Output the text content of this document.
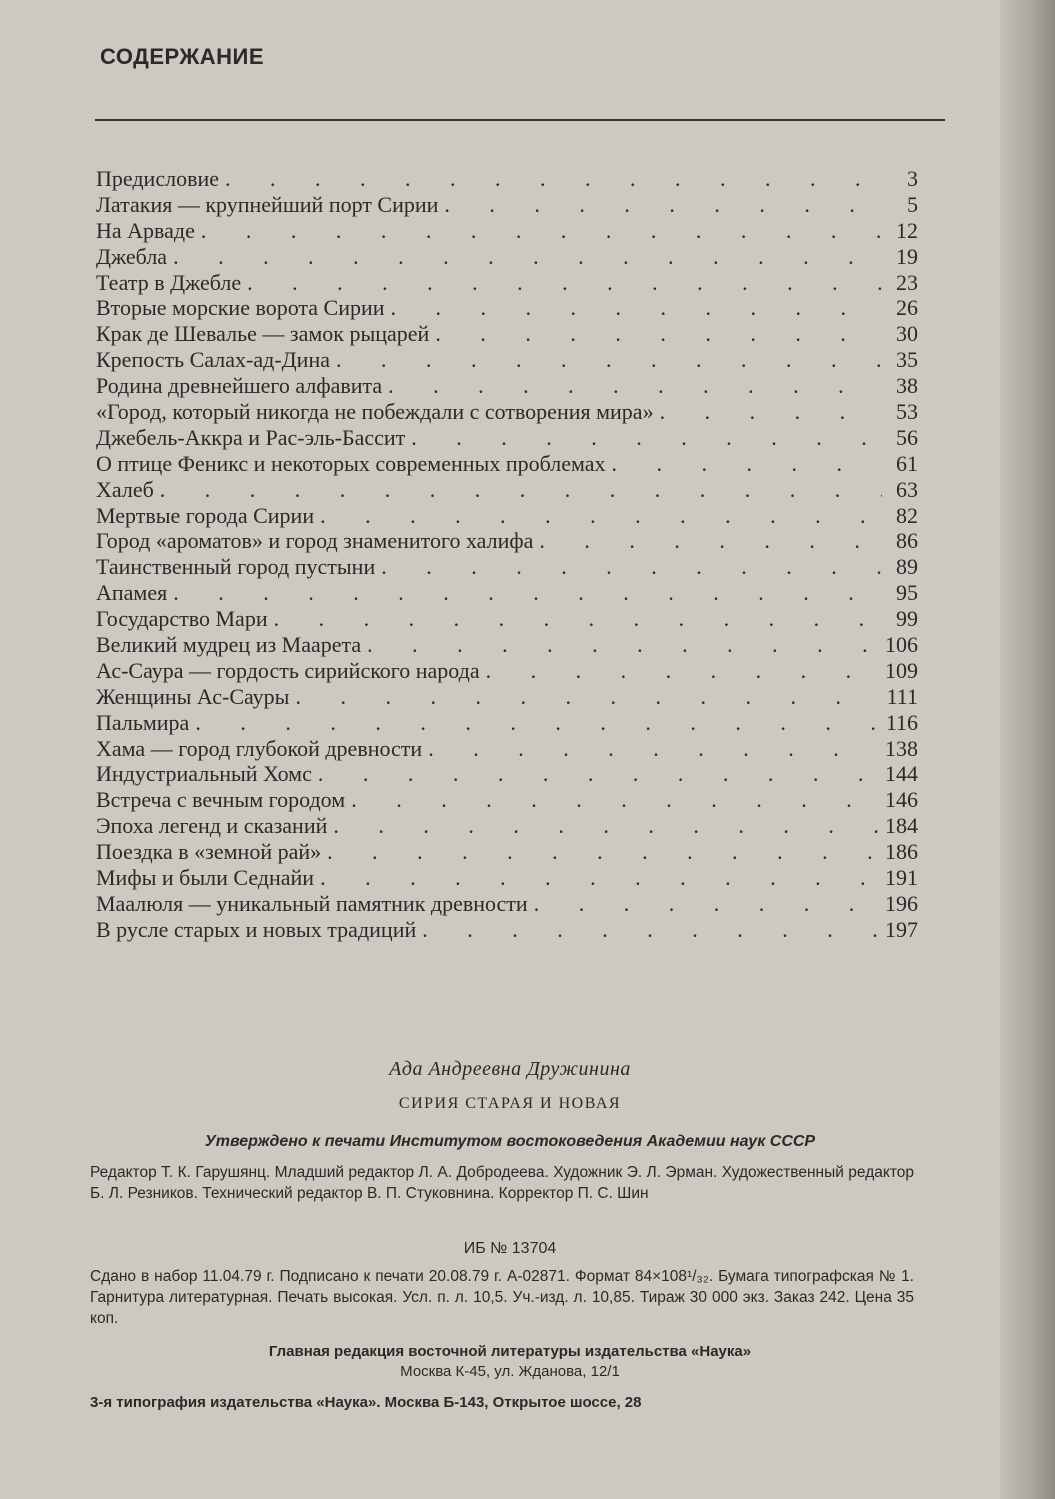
СОДЕРЖАНИЕ
Предисловие . . .	3
Латакия — крупнейший порт Сирии . . .	5
На Арваде . . .	12
Джебла . . .	19
Театр в Джебле . . .	23
Вторые морские ворота Сирии . . .	26
Крак де Шевалье — замок рыцарей . . .	30
Крепость Салах-ад-Дина . . .	35
Родина древнейшего алфавита . . .	38
«Город, который никогда не побеждали с сотворения мира» . . .	53
Джебель-Аккра и Рас-эль-Бассит . . .	56
О птице Феникс и некоторых современных проблемах . . .	61
Халеб . . .	63
Мертвые города Сирии . . .	82
Город «ароматов» и город знаменитого халифа . . .	86
Таинственный город пустыни . . .	89
Апамея . . .	95
Государство Мари . . .	99
Великий мудрец из Маарета . . .	106
Ас-Саура — гордость сирийского народа . . .	109
Женщины Ас-Сауры . . .	111
Пальмира . . .	116
Хама — город глубокой древности . . .	138
Индустриальный Хомс . . .	144
Встреча с вечным городом . . .	146
Эпоха легенд и сказаний . . .	184
Поездка в «земной рай» . . .	186
Мифы и были Седнайи . . .	191
Маалюля — уникальный памятник древности . . .	196
В русле старых и новых традиций . . .	197
Ада Андреевна Дружинина
СИРИЯ СТАРАЯ И НОВАЯ
Утверждено к печати Институтом востоковедения Академии наук СССР
Редактор Т. К. Гарушянц. Младший редактор Л. А. Добродеева. Художник Э. Л. Эрман. Художественный редактор Б. Л. Резников. Технический редактор В. П. Стуковнина. Корректор П. С. Шин
ИБ № 13704
Сдано в набор 11.04.79 г. Подписано к печати 20.08.79 г. А-02871. Формат 84×108¹/₃₂. Бумага типографская № 1. Гарнитура литературная. Печать высокая. Усл. п. л. 10,5. Уч.-изд. л. 10,85. Тираж 30 000 экз. Заказ 242. Цена 35 коп.
Главная редакция восточной литературы издательства «Наука»
Москва К-45, ул. Жданова, 12/1
3-я типография издательства «Наука». Москва Б-143, Открытое шоссе, 28
